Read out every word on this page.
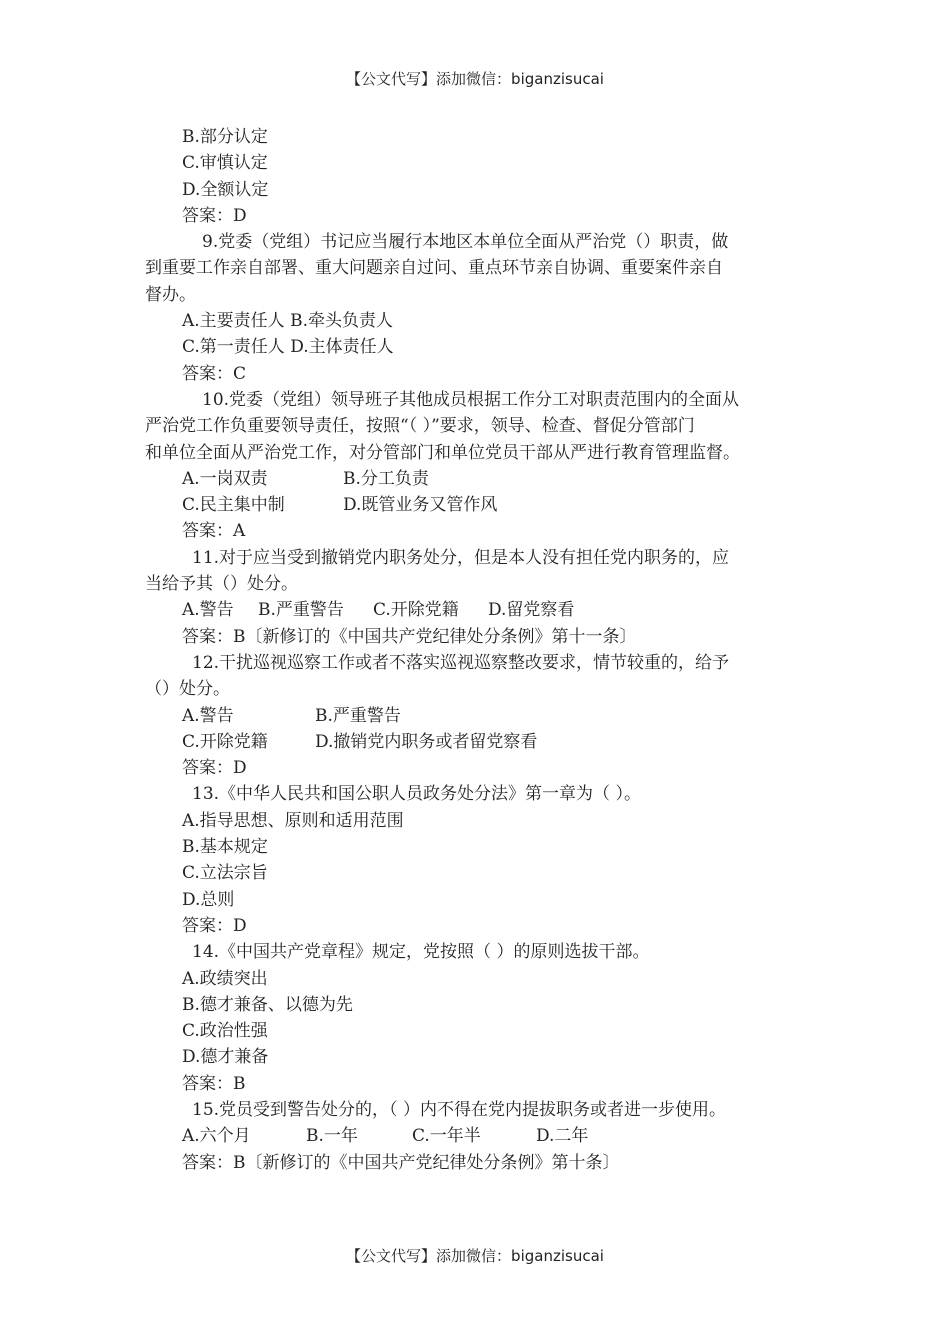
【公文代写】添加微信：biganzisucai
B.部分认定
C.审慎认定
D.全额认定
答案：D
9.党委（党组）书记应当履行本地区本单位全面从严治党（）职责，做
到重要工作亲自部署、重大问题亲自过问、重点环节亲自协调、重要案件亲自
督办。
A.主要责任人 B.牵头负责人
C.第一责任人 D.主体责任人
答案：C
10.党委（党组）领导班子其他成员根据工作分工对职责范围内的全面从
严治党工作负重要领导责任，按照“（ ）”要求，领导、检查、督促分管部门
和单位全面从严治党工作，对分管部门和单位党员干部从严进行教育管理监督。
A.一岗双责	B.分工负责
C.民主集中制	D.既管业务又管作风
答案：A
11.对于应当受到撤销党内职务处分，但是本人没有担任党内职务的，应
当给予其（）处分。
A.警告 B.严重警告 C.开除党籍 D.留党察看
答案：B〔新修订的《中国共产党纪律处分条例》第十一条〕
12.干扰巡视巡察工作或者不落实巡视巡察整改要求，情节较重的，给予
（）处分。
A.警告	B.严重警告
C.开除党籍	D.撤销党内职务或者留党察看
答案：D
13.《中华人民共和国公职人员政务处分法》第一章为（ ）。
A.指导思想、原则和适用范围
B.基本规定
C.立法宗旨
D.总则
答案：D
14.《中国共产党章程》规定，党按照（ ）的原则选拔干部。
A.政绩突出
B.德才兼备、以德为先
C.政治性强
D.德才兼备
答案：B
15.党员受到警告处分的，（ ）内不得在党内提拔职务或者进一步使用。
A.六个月	B.一年	C.一年半	D.二年
答案：B〔新修订的《中国共产党纪律处分条例》第十条〕
【公文代写】添加微信：biganzisucai
